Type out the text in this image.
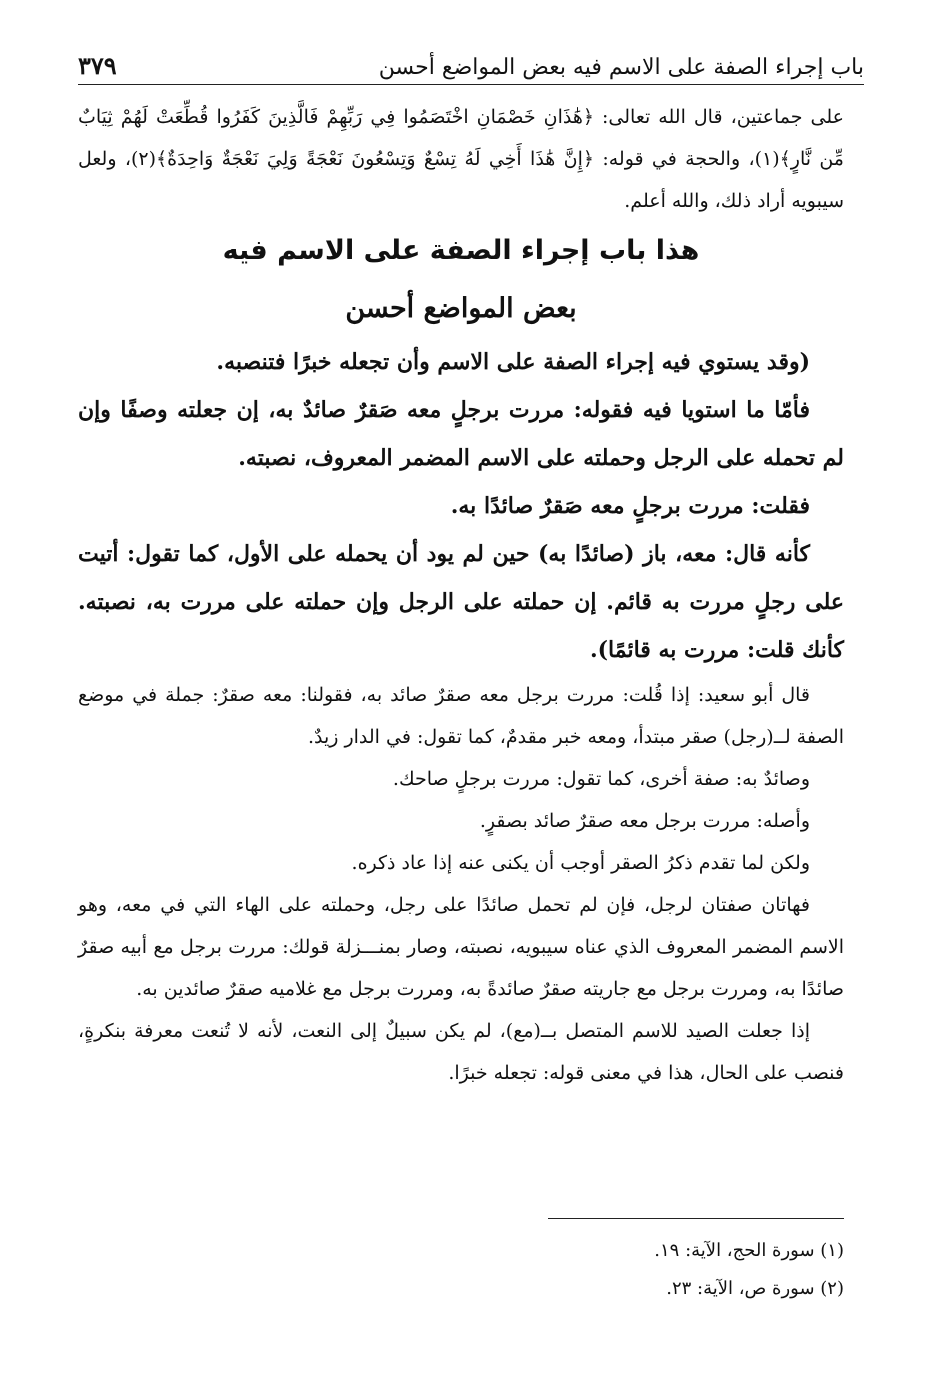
باب إجراء الصفة على الاسم فيه بعض المواضع أحسن
٣٧٩

على جماعتين، قال الله تعالى: ﴿هَٰذَانِ خَصْمَانِ اخْتَصَمُوا فِي رَبِّهِمْ فَالَّذِينَ كَفَرُوا قُطِّعَتْ لَهُمْ ثِيَابٌ مِّن نَّارٍ﴾(١)، والحجة في قوله: ﴿إِنَّ هَٰذَا أَخِي لَهُ تِسْعٌ وَتِسْعُونَ نَعْجَةً وَلِيَ نَعْجَةٌ وَاحِدَةٌ﴾(٢)، ولعل سيبويه أراد ذلك، والله أعلم.

هذا باب إجراء الصفة على الاسم فيه
بعض المواضع أحسن

(وقد يستوي فيه إجراء الصفة على الاسم وأن تجعله خبرًا فتنصبه.

فأمّا ما استويا فيه فقوله: مررت برجلٍ معه صَقرٌ صائدٌ به، إن جعلته وصفًا وإن لم تحمله على الرجل وحملته على الاسم المضمر المعروف، نصبته.

فقلت: مررت برجلٍ معه صَقرٌ صائدًا به.

كأنه قال: معه، باز (صائدًا به) حين لم يود أن يحمله على الأول، كما تقول: أتيت على رجلٍ مررت به قائم. إن حملته على الرجل وإن حملته على مررت به، نصبته. كأنك قلت: مررت به قائمًا).

قال أبو سعيد: إذا قُلت: مررت برجل معه صقرٌ صائد به، فقولنا: معه صقرٌ: جملة في موضع الصفة لــ(رجل) صقر مبتدأ، ومعه خبر مقدمٌ، كما تقول: في الدار زيدٌ.

وصائدٌ به: صفة أخرى، كما تقول: مررت برجلٍ صاحك.

وأصله: مررت برجل معه صقرٌ صائد بصقرٍ.

ولكن لما تقدم ذكرُ الصقر أوجب أن يكنى عنه إذا عاد ذكره.

فهاتان صفتان لرجل، فإن لم تحمل صائدًا على رجل، وحملته على الهاء التي في معه، وهو الاسم المضمر المعروف الذي عناه سيبويه، نصبته، وصار بمنـــزلة قولك: مررت برجل مع أبيه صقرٌ صائدًا به، ومررت برجل مع جاريته صقرٌ صائدةً به، ومررت برجل مع غلاميه صقرٌ صائدين به.

إذا جعلت الصيد للاسم المتصل بــ(مع)، لم يكن سبيلٌ إلى النعت، لأنه لا تُنعت معرفة بنكرةٍ، فنصب على الحال، هذا في معنى قوله: تجعله خبرًا.

(١) سورة الحج، الآية: ١٩.

(٢) سورة ص، الآية: ٢٣.
